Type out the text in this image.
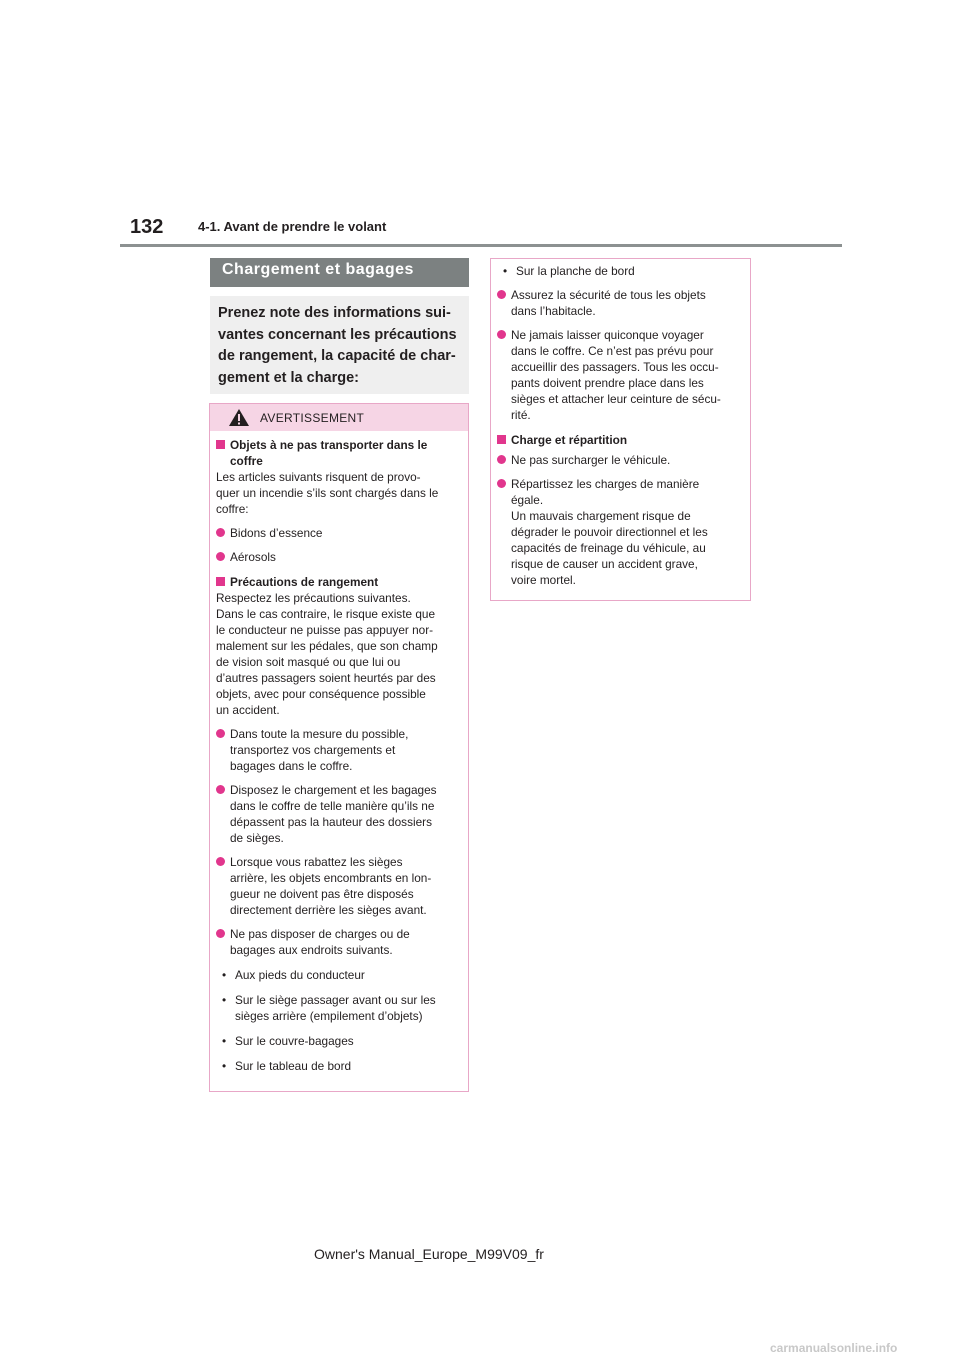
132	4-1. Avant de prendre le volant
Chargement et bagages
Prenez note des informations sui-
vantes concernant les précautions
de rangement, la capacité de char-
gement et la charge:
AVERTISSEMENT
Objets à ne pas transporter dans le
coffre
Les articles suivants risquent de provo-
quer un incendie s’ils sont chargés dans le
coffre:
Bidons d’essence
Aérosols
Précautions de rangement
Respectez les précautions suivantes.
Dans le cas contraire, le risque existe que
le conducteur ne puisse pas appuyer nor-
malement sur les pédales, que son champ
de vision soit masqué ou que lui ou
d’autres passagers soient heurtés par des
objets, avec pour conséquence possible
un accident.
Dans toute la mesure du possible,
transportez vos chargements et
bagages dans le coffre.
Disposez le chargement et les bagages
dans le coffre de telle manière qu’ils ne
dépassent pas la hauteur des dossiers
de sièges.
Lorsque vous rabattez les sièges
arrière, les objets encombrants en lon-
gueur ne doivent pas être disposés
directement derrière les sièges avant.
Ne pas disposer de charges ou de
bagages aux endroits suivants.
• Aux pieds du conducteur
• Sur le siège passager avant ou sur les
sièges arrière (empilement d’objets)
• Sur le couvre-bagages
• Sur le tableau de bord
• Sur la planche de bord
Assurez la sécurité de tous les objets
dans l’habitacle.
Ne jamais laisser quiconque voyager
dans le coffre. Ce n’est pas prévu pour
accueillir des passagers. Tous les occu-
pants doivent prendre place dans les
sièges et attacher leur ceinture de sécu-
rité.
Charge et répartition
Ne pas surcharger le véhicule.
Répartissez les charges de manière
égale.
Un mauvais chargement risque de
dégrader le pouvoir directionnel et les
capacités de freinage du véhicule, au
risque de causer un accident grave,
voire mortel.
Owner's Manual_Europe_M99V09_fr
carmanualsonline.info
